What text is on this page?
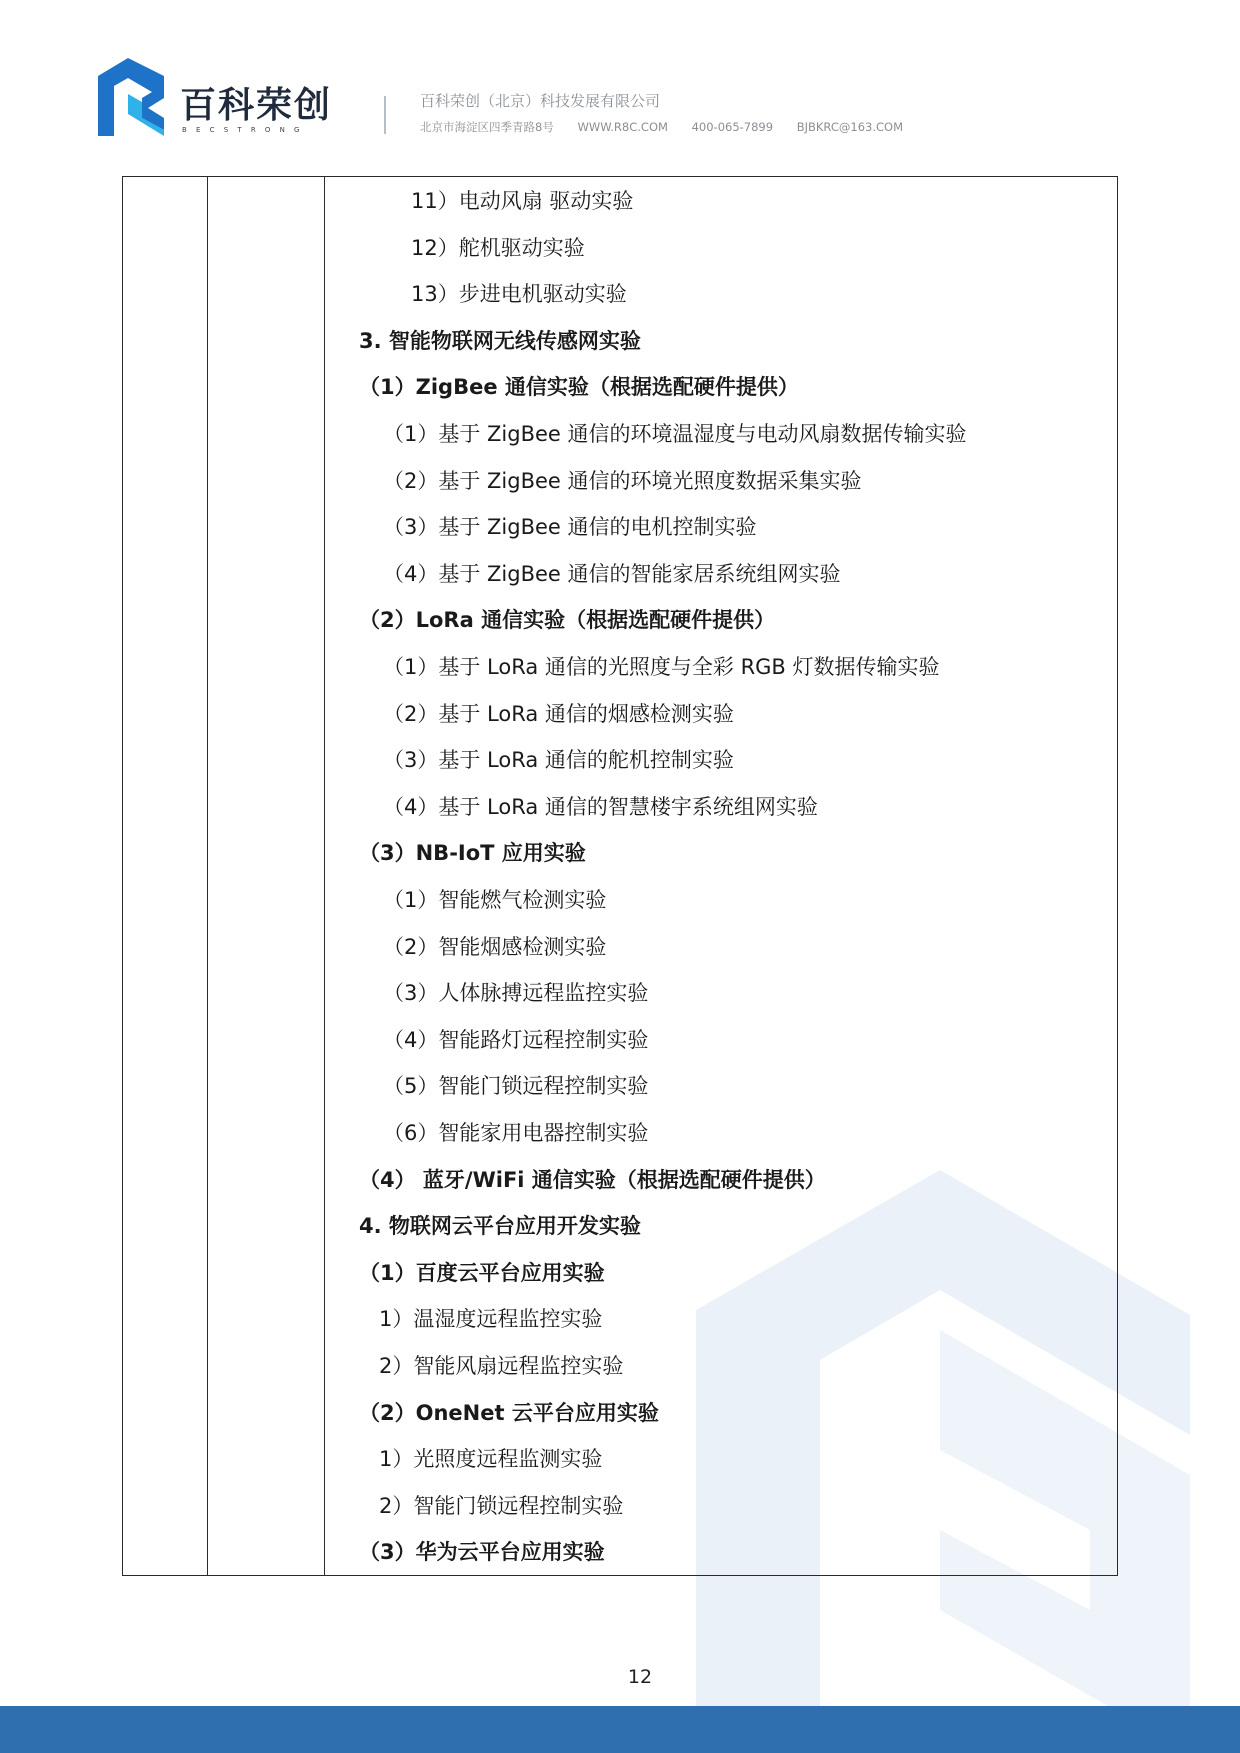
百科荣创
BECSTRONG
百科荣创（北京）科技发展有限公司
北京市海淀区四季青路8号 WWW.R8C.COM 400-065-7899 BJBKRC@163.COM
11）电动风扇 驱动实验
12）舵机驱动实验
13）步进电机驱动实验
3. 智能物联网无线传感网实验
（1）ZigBee 通信实验（根据选配硬件提供）
（1）基于 ZigBee 通信的环境温湿度与电动风扇数据传输实验
（2）基于 ZigBee 通信的环境光照度数据采集实验
（3）基于 ZigBee 通信的电机控制实验
（4）基于 ZigBee 通信的智能家居系统组网实验
（2）LoRa 通信实验（根据选配硬件提供）
（1）基于 LoRa 通信的光照度与全彩 RGB 灯数据传输实验
（2）基于 LoRa 通信的烟感检测实验
（3）基于 LoRa 通信的舵机控制实验
（4）基于 LoRa 通信的智慧楼宇系统组网实验
（3）NB-IoT 应用实验
（1）智能燃气检测实验
（2）智能烟感检测实验
（3）人体脉搏远程监控实验
（4）智能路灯远程控制实验
（5）智能门锁远程控制实验
（6）智能家用电器控制实验
（4） 蓝牙/WiFi 通信实验（根据选配硬件提供）
4. 物联网云平台应用开发实验
（1）百度云平台应用实验
1）温湿度远程监控实验
2）智能风扇远程监控实验
（2）OneNet 云平台应用实验
1）光照度远程监测实验
2）智能门锁远程控制实验
（3）华为云平台应用实验
12
